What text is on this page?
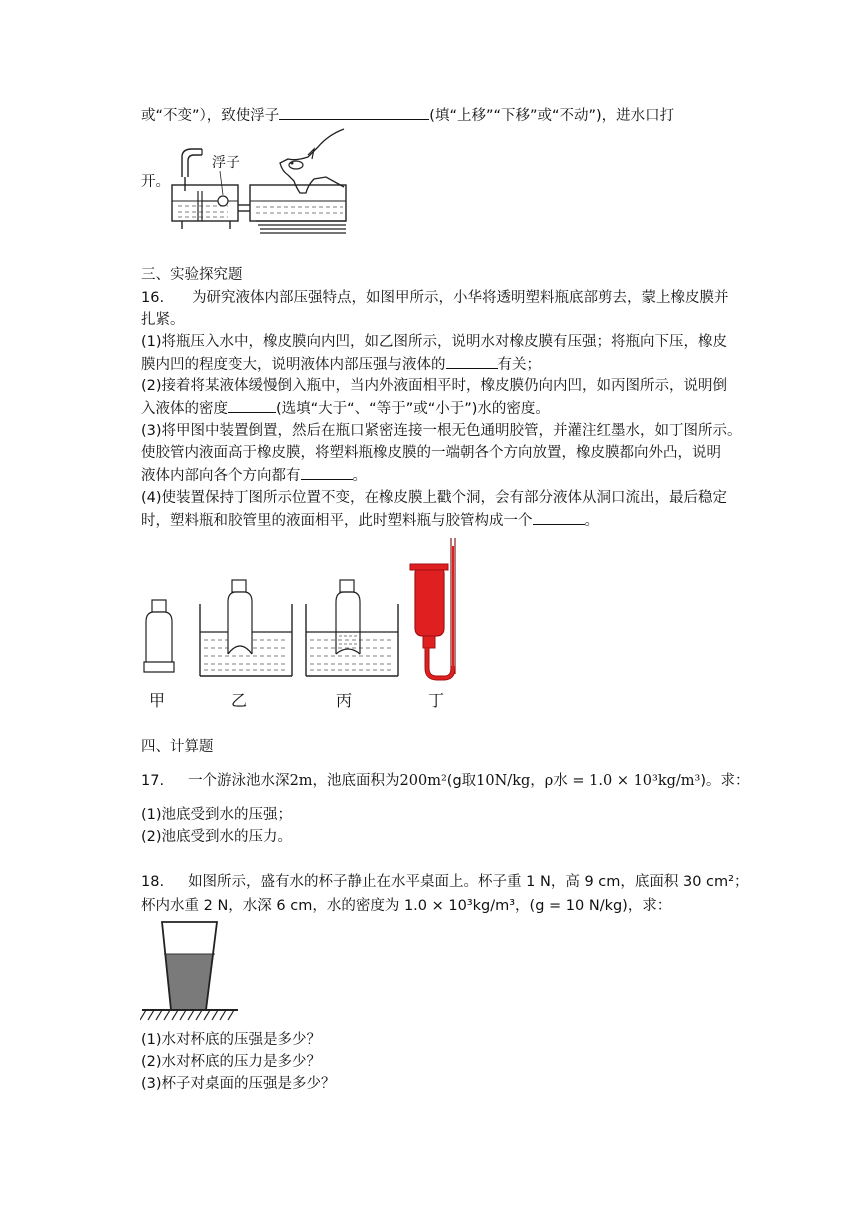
或“不变”），致使浮子	(填“上移”“下移”或“不动”)，进水口打
开。
浮子
三、实验探究题
16. 为研究液体内部压强特点，如图甲所示，小华将透明塑料瓶底部剪去，蒙上橡皮膜并
扎紧。
(1)将瓶压入水中，橡皮膜向内凹，如乙图所示，说明水对橡皮膜有压强；将瓶向下压，橡皮
膜内凹的程度变大，说明液体内部压强与液体的	有关；
(2)接着将某液体缓慢倒入瓶中，当内外液面相平时，橡皮膜仍向内凹，如丙图所示，说明倒
入液体的密度	(选填“大于“、“等于”或“小于”)水的密度。
(3)将甲图中装置倒置，然后在瓶口紧密连接一根无色通明胶管，并灌注红墨水，如丁图所示。
使胶管内液面高于橡皮膜，将塑料瓶橡皮膜的一端朝各个方向放置，橡皮膜都向外凸，说明
液体内部向各个方向都有	。
(4)使装置保持丁图所示位置不变，在橡皮膜上戳个洞，会有部分液体从洞口流出，最后稳定
时，塑料瓶和胶管里的液面相平，此时塑料瓶与胶管构成一个	。
甲	乙	丙	丁
四、计算题
17. 一个游泳池水深2m，池底面积为200m²(g取10N/kg，ρ水 = 1.0 × 10³kg/m³)。求：
(1)池底受到水的压强；
(2)池底受到水的压力。
18. 如图所示，盛有水的杯子静止在水平桌面上。杯子重 1 N，高 9 cm，底面积 30 cm²；
杯内水重 2 N，水深 6 cm，水的密度为 1.0 × 10³kg/m³，(g = 10 N/kg)，求：
(1)水对杯底的压强是多少？
(2)水对杯底的压力是多少？
(3)杯子对桌面的压强是多少？
